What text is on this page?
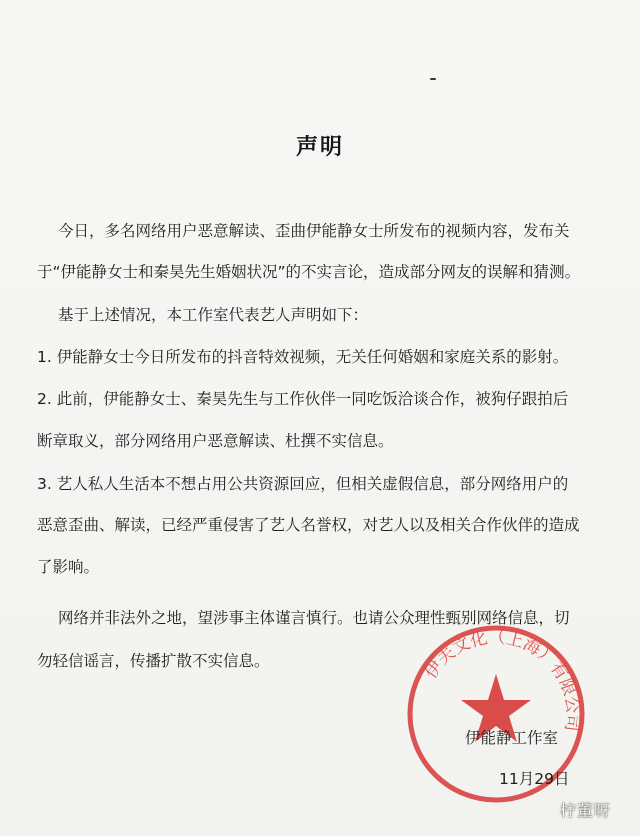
声明
今日，多名网络用户恶意解读、歪曲伊能静女士所发布的视频内容，发布关
于“伊能静女士和秦昊先生婚姻状况”的不实言论，造成部分网友的误解和猜测。
基于上述情况，本工作室代表艺人声明如下：
1. 伊能静女士今日所发布的抖音特效视频，无关任何婚姻和家庭关系的影射。
2. 此前，伊能静女士、秦昊先生与工作伙伴一同吃饭洽谈合作，被狗仔跟拍后
断章取义，部分网络用户恶意解读、杜撰不实信息。
3. 艺人私人生活本不想占用公共资源回应，但相关虚假信息，部分网络用户的
恶意歪曲、解读，已经严重侵害了艺人名誉权，对艺人以及相关合作伙伴的造成
了影响。
网络并非法外之地，望涉事主体谨言慎行。也请公众理性甄别网络信息，切
勿轻信谣言，传播扩散不实信息。	伊夫文化（上海）有限公司
伊能静工作室
11月29日
柠董呀
